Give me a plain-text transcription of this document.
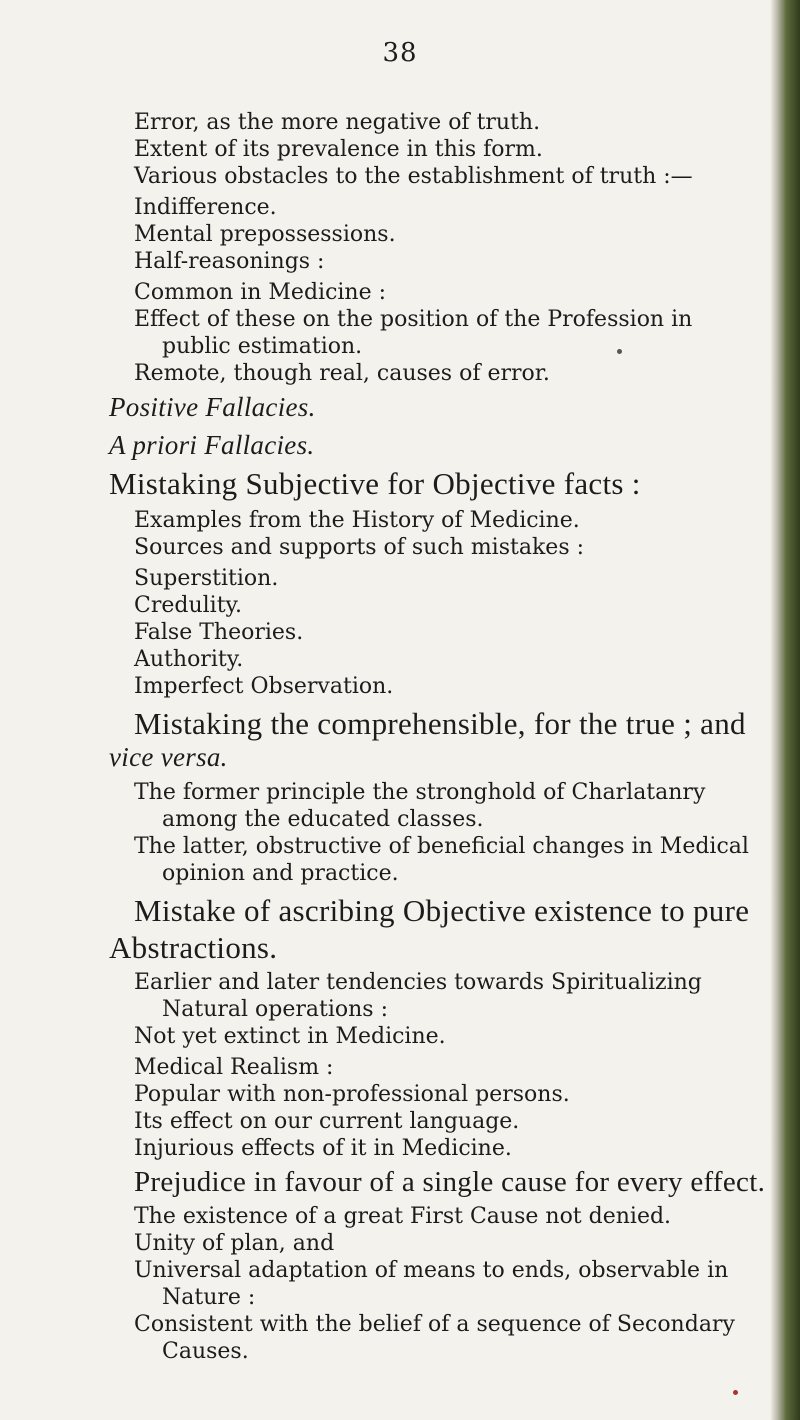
38
Error, as the more negative of truth.
Extent of its prevalence in this form.
Various obstacles to the establishment of truth :—
Indifference.
Mental prepossessions.
Half-reasonings :
Common in Medicine :
Effect of these on the position of the Profession in
public estimation.
Remote, though real, causes of error.
Positive Fallacies.
A priori Fallacies.
Mistaking Subjective for Objective facts :
Examples from the History of Medicine.
Sources and supports of such mistakes :
Superstition.
Credulity.
False Theories.
Authority.
Imperfect Observation.
Mistaking the comprehensible, for the true ; and
vice versa.
The former principle the stronghold of Charlatanry
among the educated classes.
The latter, obstructive of beneficial changes in Medical
opinion and practice.
Mistake of ascribing Objective existence to pure
Abstractions.
Earlier and later tendencies towards Spiritualizing
Natural operations :
Not yet extinct in Medicine.
Medical Realism :
Popular with non-professional persons.
Its effect on our current language.
Injurious effects of it in Medicine.
Prejudice in favour of a single cause for every effect.
The existence of a great First Cause not denied.
Unity of plan, and
Universal adaptation of means to ends, observable in
Nature :
Consistent with the belief of a sequence of Secondary
Causes.
